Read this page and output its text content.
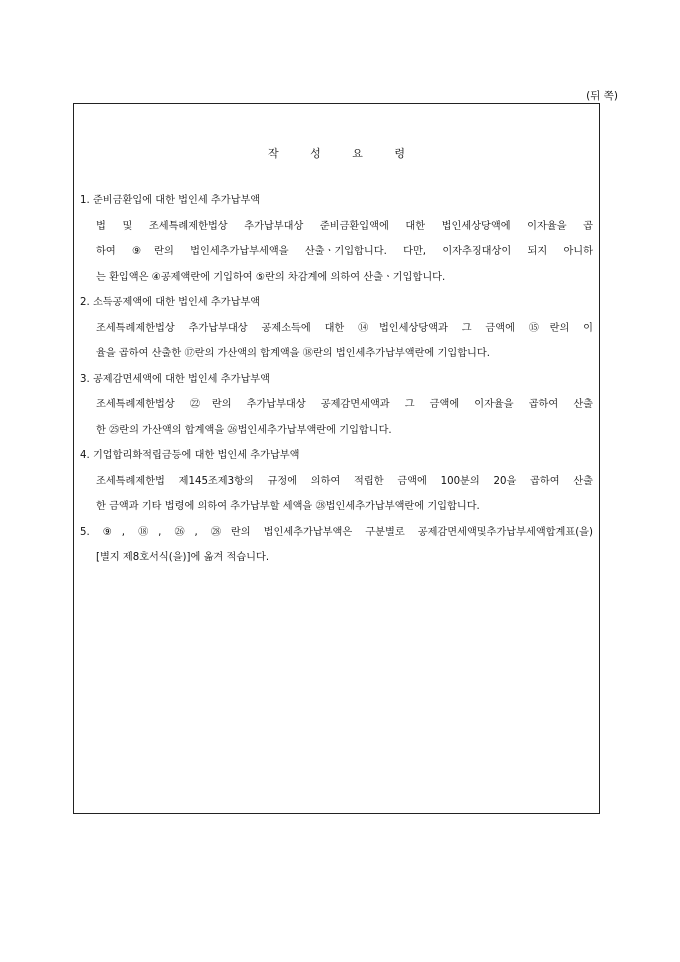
(뒤 쪽)
작 성 요 령
1. 준비금환입에 대한 법인세 추가납부액
법 및 조세특례제한법상 추가납부대상 준비금환입액에 대한 법인세상당액에 이자율을 곱
하여 ⑨란의 법인세추가납부세액을 산출ㆍ기입합니다. 다만, 이자추징대상이 되지 아니하
는 환입액은 ④공제액란에 기입하여 ⑤란의 차감계에 의하여 산출ㆍ기입합니다.
2. 소득공제액에 대한 법인세 추가납부액
조세특례제한법상 추가납부대상 공제소득에 대한 ⑭법인세상당액과 그 금액에 ⑮란의 이
율을 곱하여 산출한 ⑰란의 가산액의 합계액을 ⑱란의 법인세추가납부액란에 기입합니다.
3. 공제감면세액에 대한 법인세 추가납부액
조세특례제한법상 ㉒란의 추가납부대상 공제감면세액과 그 금액에 이자율을 곱하여 산출
한 ㉕란의 가산액의 합계액을 ㉖법인세추가납부액란에 기입합니다.
4. 기업합리화적립금등에 대한 법인세 추가납부액
조세특례제한법 제145조제3항의 규정에 의하여 적립한 금액에 100분의 20을 곱하여 산출
한 금액과 기타 법령에 의하여 추가납부할 세액을 ㉘법인세추가납부액란에 기입합니다.
5. ⑨, ⑱, ㉖, ㉘란의 법인세추가납부액은 구분별로 공제감면세액및추가납부세액합계표(을)
[별지 제8호서식(을)]에 옮겨 적습니다.
